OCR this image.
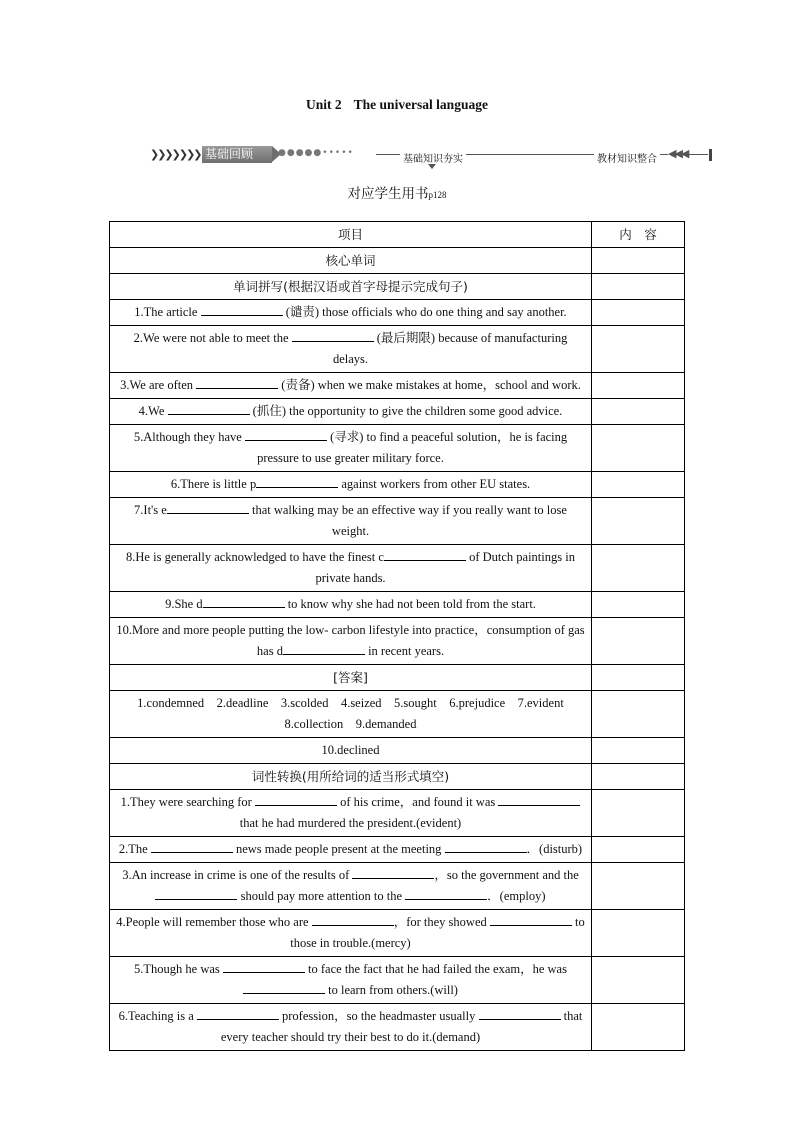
Unit 2 The universal language
❯❯❯❯❯❯❯ 基础回顾	●●●●●•••••
基础知识夯实	教材知识整合 ◀◀◀
对应学生用书p128
项目	内　容
核心单词	
单词拼写(根据汉语或首字母提示完成句子)	
1.The article (谴责) those officials who do one thing and say another.	
2.We were not able to meet the (最后期限) because of manufacturing delays.	
3.We are often (责备) when we make mistakes at home，school and work.	
4.We (抓住) the opportunity to give the children some good advice.	
5.Although they have (寻求) to find a peaceful solution，he is facing pressure to use greater military force.	
6.There is little p against workers from other EU states.	
7.It's e that walking may be an effective way if you really want to lose weight.	
8.He is generally acknowledged to have the finest c of Dutch paintings in private hands.	
9.She d to know why she had not been told from the start.	
10.More and more people putting the low- carbon lifestyle into practice，consumption of gas has d in recent years.	
[答案]	
1.condemned　2.deadline　3.scolded　4.seized　5.sought　6.prejudice　7.evident　8.collection　9.demanded	
10.declined	
词性转换(用所给词的适当形式填空)	
1.They were searching for of his crime，and found it was  that he had murdered the president.(evident)	
2.The news made people present at the meeting ．(disturb)	
3.An increase in crime is one of the results of ，so the government and the  should pay more attention to the ．(employ)	
4.People will remember those who are ，for they showed to those in trouble.(mercy)	
5.Though he was to face the fact that he had failed the exam，he was  to learn from others.(will)	
6.Teaching is a profession，so the headmaster usually that every teacher should try their best to do it.(demand)	
